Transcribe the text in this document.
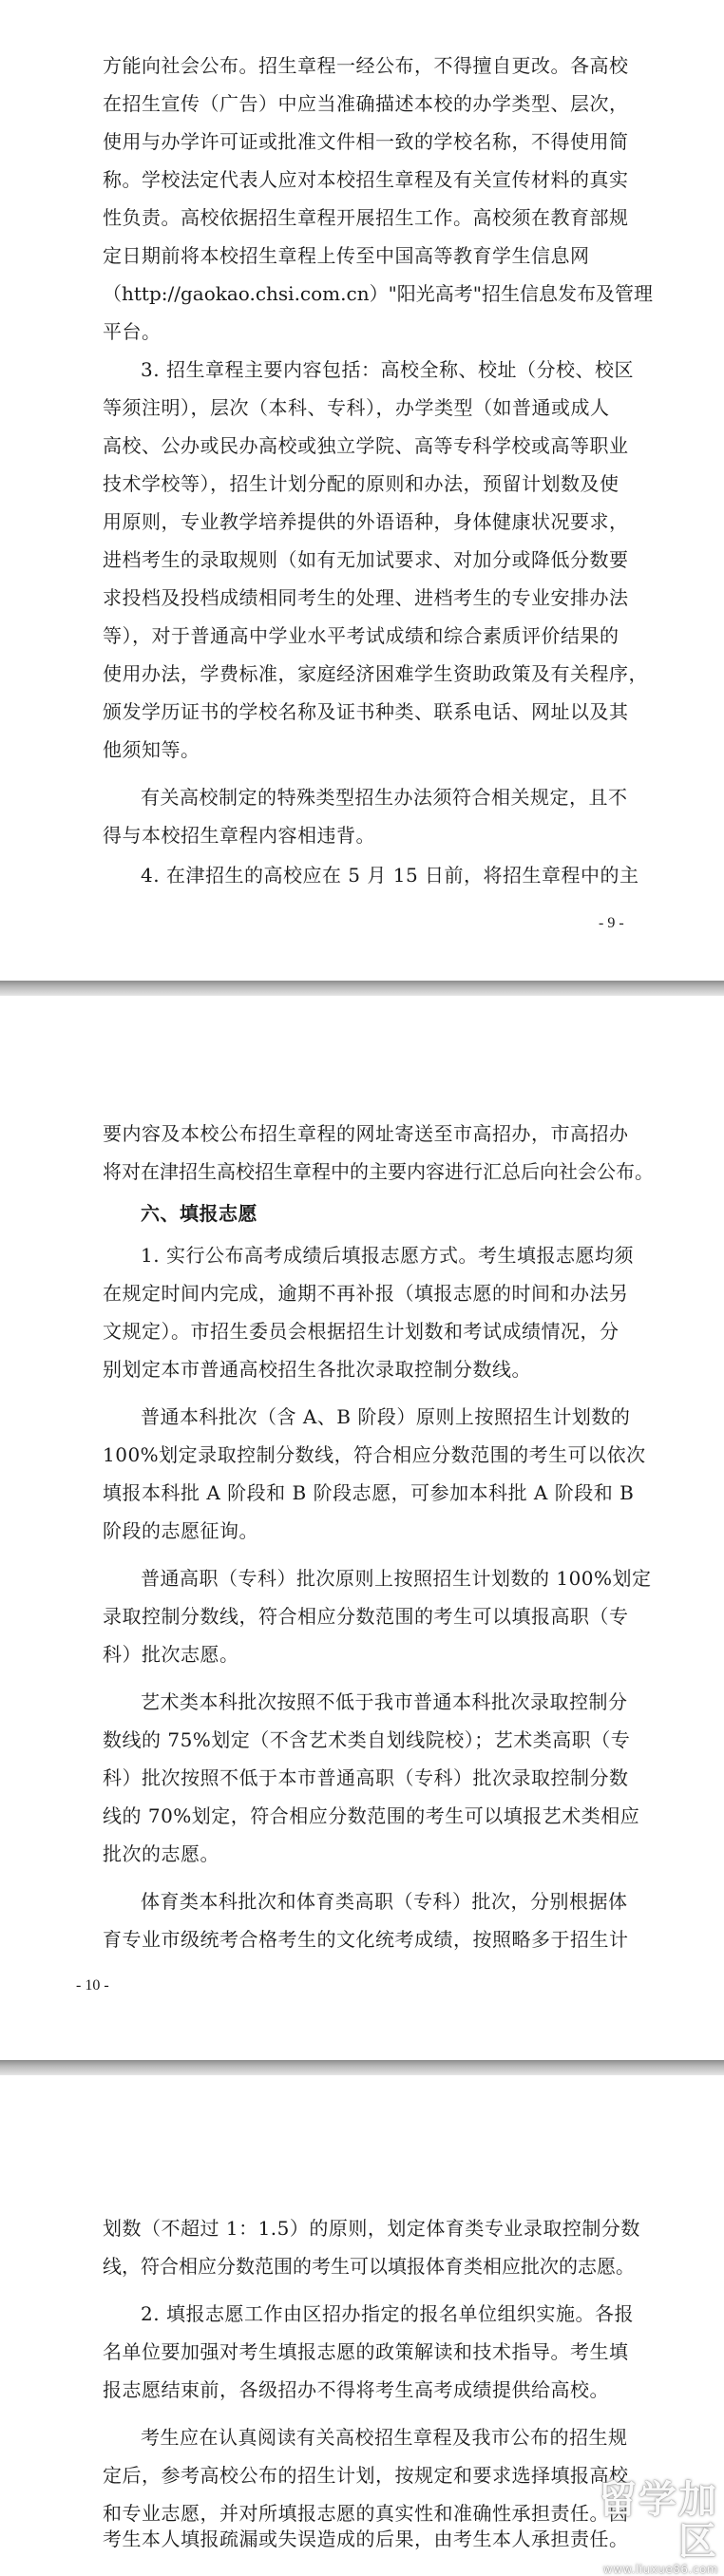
方能向社会公布。招生章程一经公布，不得擅自更改。各高校
在招生宣传（广告）中应当准确描述本校的办学类型、层次，
使用与办学许可证或批准文件相一致的学校名称，不得使用简
称。学校法定代表人应对本校招生章程及有关宣传材料的真实
性负责。高校依据招生章程开展招生工作。高校须在教育部规
定日期前将本校招生章程上传至中国高等教育学生信息网
（http://gaokao.chsi.com.cn）"阳光高考"招生信息发布及管理
平台。
3. 招生章程主要内容包括：高校全称、校址（分校、校区
等须注明），层次（本科、专科），办学类型（如普通或成人
高校、公办或民办高校或独立学院、高等专科学校或高等职业
技术学校等），招生计划分配的原则和办法，预留计划数及使
用原则，专业教学培养提供的外语语种，身体健康状况要求，
进档考生的录取规则（如有无加试要求、对加分或降低分数要
求投档及投档成绩相同考生的处理、进档考生的专业安排办法
等），对于普通高中学业水平考试成绩和综合素质评价结果的
使用办法，学费标准，家庭经济困难学生资助政策及有关程序，
颁发学历证书的学校名称及证书种类、联系电话、网址以及其
他须知等。
有关高校制定的特殊类型招生办法须符合相关规定，且不
得与本校招生章程内容相违背。
4. 在津招生的高校应在 5 月 15 日前，将招生章程中的主
- 9 -
要内容及本校公布招生章程的网址寄送至市高招办，市高招办
将对在津招生高校招生章程中的主要内容进行汇总后向社会公布。
六、填报志愿
1. 实行公布高考成绩后填报志愿方式。考生填报志愿均须
在规定时间内完成，逾期不再补报（填报志愿的时间和办法另
文规定）。市招生委员会根据招生计划数和考试成绩情况，分
别划定本市普通高校招生各批次录取控制分数线。
普通本科批次（含 A、B 阶段）原则上按照招生计划数的
100%划定录取控制分数线，符合相应分数范围的考生可以依次
填报本科批 A 阶段和 B 阶段志愿，可参加本科批 A 阶段和 B
阶段的志愿征询。
普通高职（专科）批次原则上按照招生计划数的 100%划定
录取控制分数线，符合相应分数范围的考生可以填报高职（专
科）批次志愿。
艺术类本科批次按照不低于我市普通本科批次录取控制分
数线的 75%划定（不含艺术类自划线院校）；艺术类高职（专
科）批次按照不低于本市普通高职（专科）批次录取控制分数
线的 70%划定，符合相应分数范围的考生可以填报艺术类相应
批次的志愿。
体育类本科批次和体育类高职（专科）批次，分别根据体
育专业市级统考合格考生的文化统考成绩，按照略多于招生计
- 10 -
划数（不超过 1：1.5）的原则，划定体育类专业录取控制分数
线，符合相应分数范围的考生可以填报体育类相应批次的志愿。
2. 填报志愿工作由区招办指定的报名单位组织实施。各报
名单位要加强对考生填报志愿的政策解读和技术指导。考生填
报志愿结束前，各级招办不得将考生高考成绩提供给高校。
考生应在认真阅读有关高校招生章程及我市公布的招生规
定后，参考高校公布的招生计划，按规定和要求选择填报高校
和专业志愿，并对所填报志愿的真实性和准确性承担责任。因
考生本人填报疏漏或失误造成的后果，由考生本人承担责任。
留学加区
www.liuxue86.com
